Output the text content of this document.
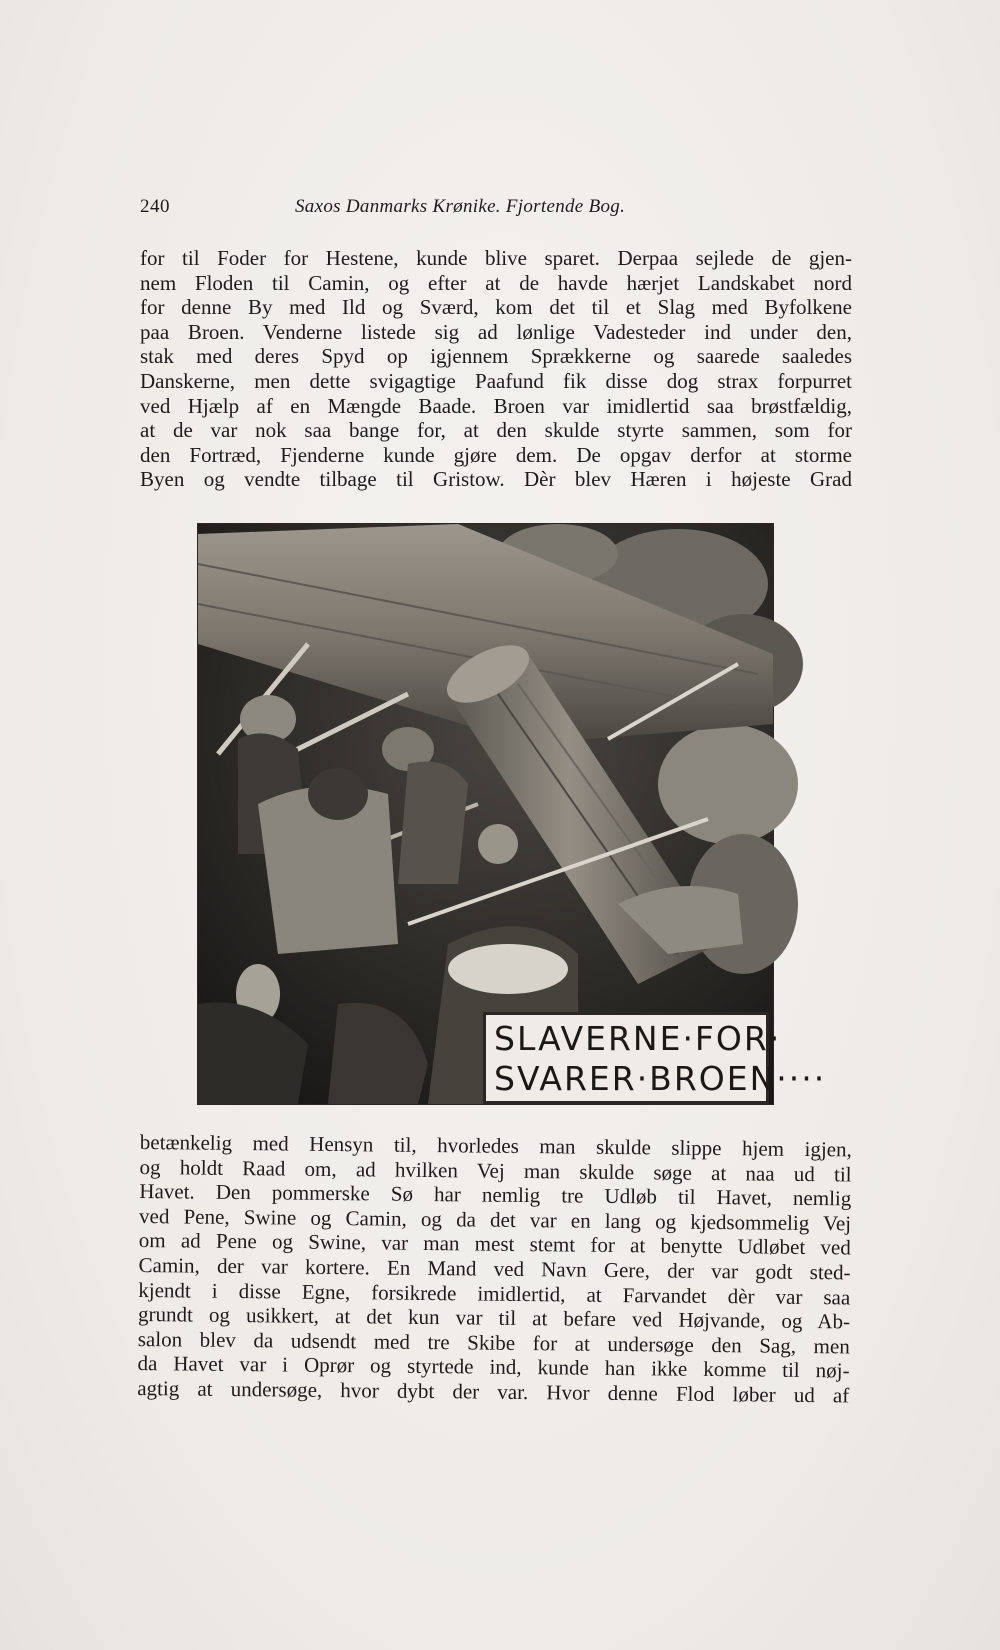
240	Saxos Danmarks Krønike. Fjortende Bog.
for til Foder for Hestene, kunde blive sparet. Derpaa sejlede de gjen-
nem Floden til Camin, og efter at de havde hærjet Landskabet nord
for denne By med Ild og Sværd, kom det til et Slag med Byfolkene
paa Broen. Venderne listede sig ad lønlige Vadesteder ind under den,
stak med deres Spyd op igjennem Sprækkerne og saarede saaledes
Danskerne, men dette svigagtige Paafund fik disse dog strax forpurret
ved Hjælp af en Mængde Baade. Broen var imidlertid saa brøstfældig,
at de var nok saa bange for, at den skulde styrte sammen, som for
den Fortræd, Fjenderne kunde gjøre dem. De opgav derfor at storme
Byen og vendte tilbage til Gristow. Dèr blev Hæren i højeste Grad
SLAVERNE·FOR·
SVARER·BROEN····
betænkelig med Hensyn til, hvorledes man skulde slippe hjem igjen,
og holdt Raad om, ad hvilken Vej man skulde søge at naa ud til
Havet. Den pommerske Sø har nemlig tre Udløb til Havet, nemlig
ved Pene, Swine og Camin, og da det var en lang og kjedsommelig Vej
om ad Pene og Swine, var man mest stemt for at benytte Udløbet ved
Camin, der var kortere. En Mand ved Navn Gere, der var godt sted-
kjendt i disse Egne, forsikrede imidlertid, at Farvandet dèr var saa
grundt og usikkert, at det kun var til at befare ved Højvande, og Ab-
salon blev da udsendt med tre Skibe for at undersøge den Sag, men
da Havet var i Oprør og styrtede ind, kunde han ikke komme til nøj-
agtig at undersøge, hvor dybt der var. Hvor denne Flod løber ud af
